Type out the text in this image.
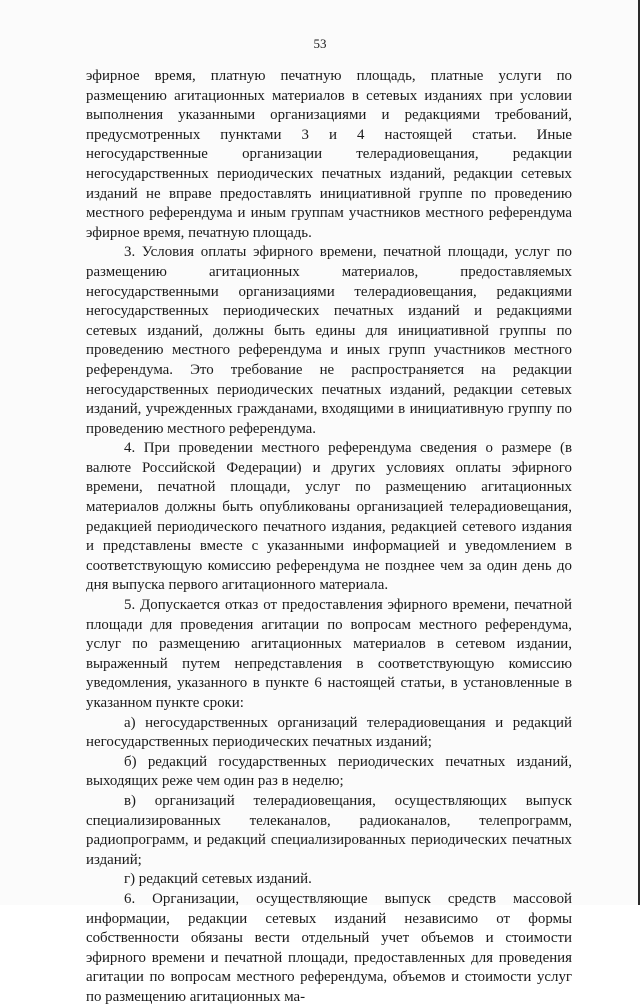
53

эфирное время, платную печатную площадь, платные услуги по размещению агитационных материалов в сетевых изданиях при условии выполнения указанными организациями и редакциями требований, предусмотренных пунктами 3 и 4 настоящей статьи. Иные негосударственные организации телерадиовещания, редакции негосударственных периодических печатных изданий, редакции сетевых изданий не вправе предоставлять инициативной группе по проведению местного референдума и иным группам участников местного референдума эфирное время, печатную площадь.

3. Условия оплаты эфирного времени, печатной площади, услуг по размещению агитационных материалов, предоставляемых негосударственными организациями телерадиовещания, редакциями негосударственных периодических печатных изданий и редакциями сетевых изданий, должны быть едины для инициативной группы по проведению местного референдума и иных групп участников местного референдума. Это требование не распространяется на редакции негосударственных периодических печатных изданий, редакции сетевых изданий, учрежденных гражданами, входящими в инициативную группу по проведению местного референдума.

4. При проведении местного референдума сведения о размере (в валюте Российской Федерации) и других условиях оплаты эфирного времени, печатной площади, услуг по размещению агитационных материалов должны быть опубликованы организацией телерадиовещания, редакцией периодического печатного издания, редакцией сетевого издания и представлены вместе с указанными информацией и уведомлением в соответствующую комиссию референдума не позднее чем за один день до дня выпуска первого агитационного материала.

5. Допускается отказ от предоставления эфирного времени, печатной площади для проведения агитации по вопросам местного референдума, услуг по размещению агитационных материалов в сетевом издании, выраженный путем непредставления в соответствующую комиссию уведомления, указанного в пункте 6 настоящей статьи, в установленные в указанном пункте сроки:

а) негосударственных организаций телерадиовещания и редакций негосударственных периодических печатных изданий;

б) редакций государственных периодических печатных изданий, выходящих реже чем один раз в неделю;

в) организаций телерадиовещания, осуществляющих выпуск специализированных телеканалов, радиоканалов, телепрограмм, радиопрограмм, и редакций специализированных периодических печатных изданий;

г) редакций сетевых изданий.

6. Организации, осуществляющие выпуск средств массовой информации, редакции сетевых изданий независимо от формы собственности обязаны вести отдельный учет объемов и стоимости эфирного времени и печатной площади, предоставленных для проведения агитации по вопросам местного референдума, объемов и стоимости услуг по размещению агитационных ма-
